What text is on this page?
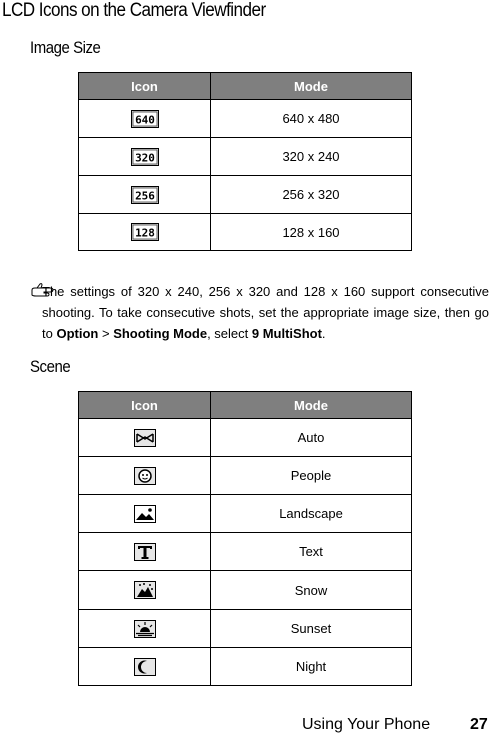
LCD Icons on the Camera Viewfinder
Image Size
Icon	Mode

640	640 x 480

320	320 x 240

256	256 x 320

128	128 x 160

The settings of 320 x 240, 256 x 320 and 128 x 160 support consecutive shooting. To take consecutive shots, set the appropriate image size, then go to Option > Shooting Mode, select 9 MultiShot.

Scene
Icon	Mode
	Auto
	People
	Landscape
	Text
	Snow
	Sunset
	Night
Using Your Phone 27
